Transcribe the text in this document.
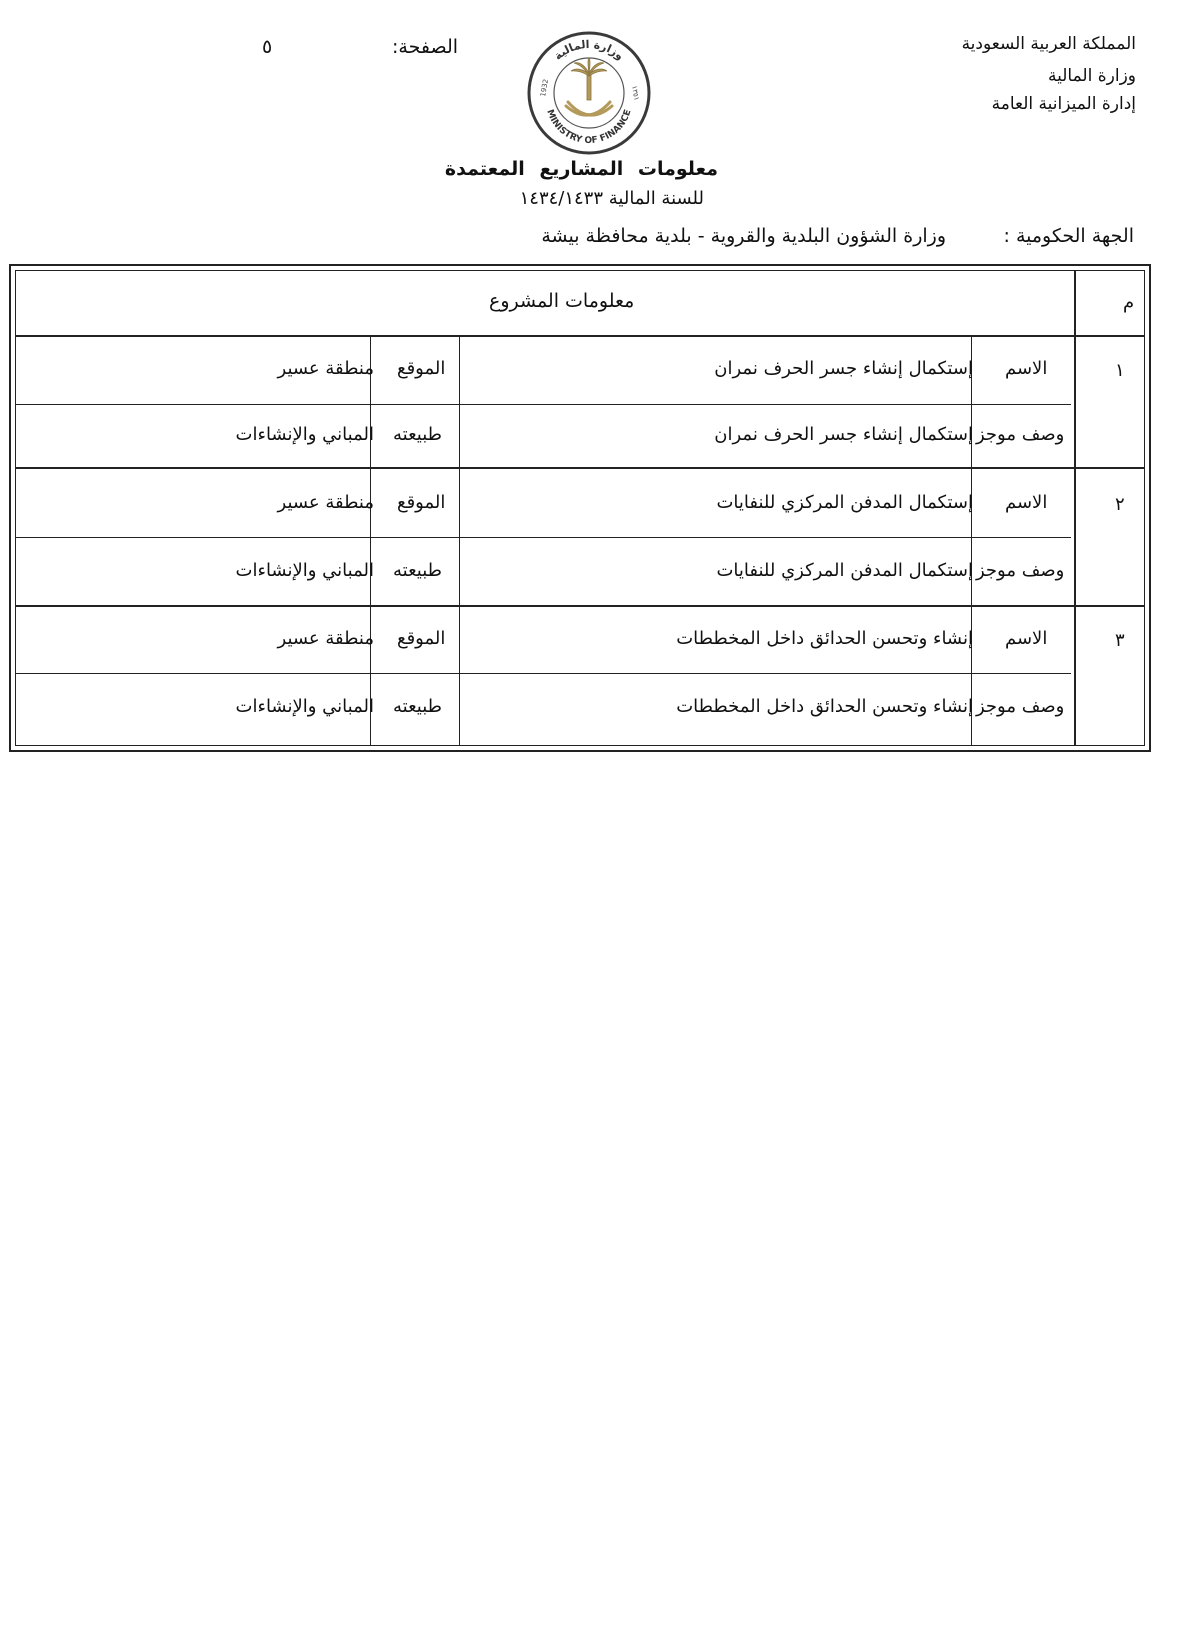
المملكة العربية السعودية
وزارة المالية
إدارة الميزانية العامة
الصفحة:
٥	وزارة المالية
MINISTRY OF FINANCE
1932	١٣٥١
معلومات المشاريع المعتمدة
للسنة المالية ١٤٣٤/١٤٣٣
الجهة الحكومية :
وزارة الشؤون البلدية والقروية - بلدية محافظة بيشة
م
معلومات المشروع
١
الاسم
إستكمال إنشاء جسر الحرف نمران
الموقع
منطقة عسير
وصف موجز
إستكمال إنشاء جسر الحرف نمران
طبيعته
المباني والإنشاءات
٢
الاسم
إستكمال المدفن المركزي للنفايات
الموقع
منطقة عسير
وصف موجز
إستكمال المدفن المركزي للنفايات
طبيعته
المباني والإنشاءات
٣
الاسم
إنشاء وتحسن الحدائق داخل المخططات
الموقع
منطقة عسير
وصف موجز
إنشاء وتحسن الحدائق داخل المخططات
طبيعته
المباني والإنشاءات
